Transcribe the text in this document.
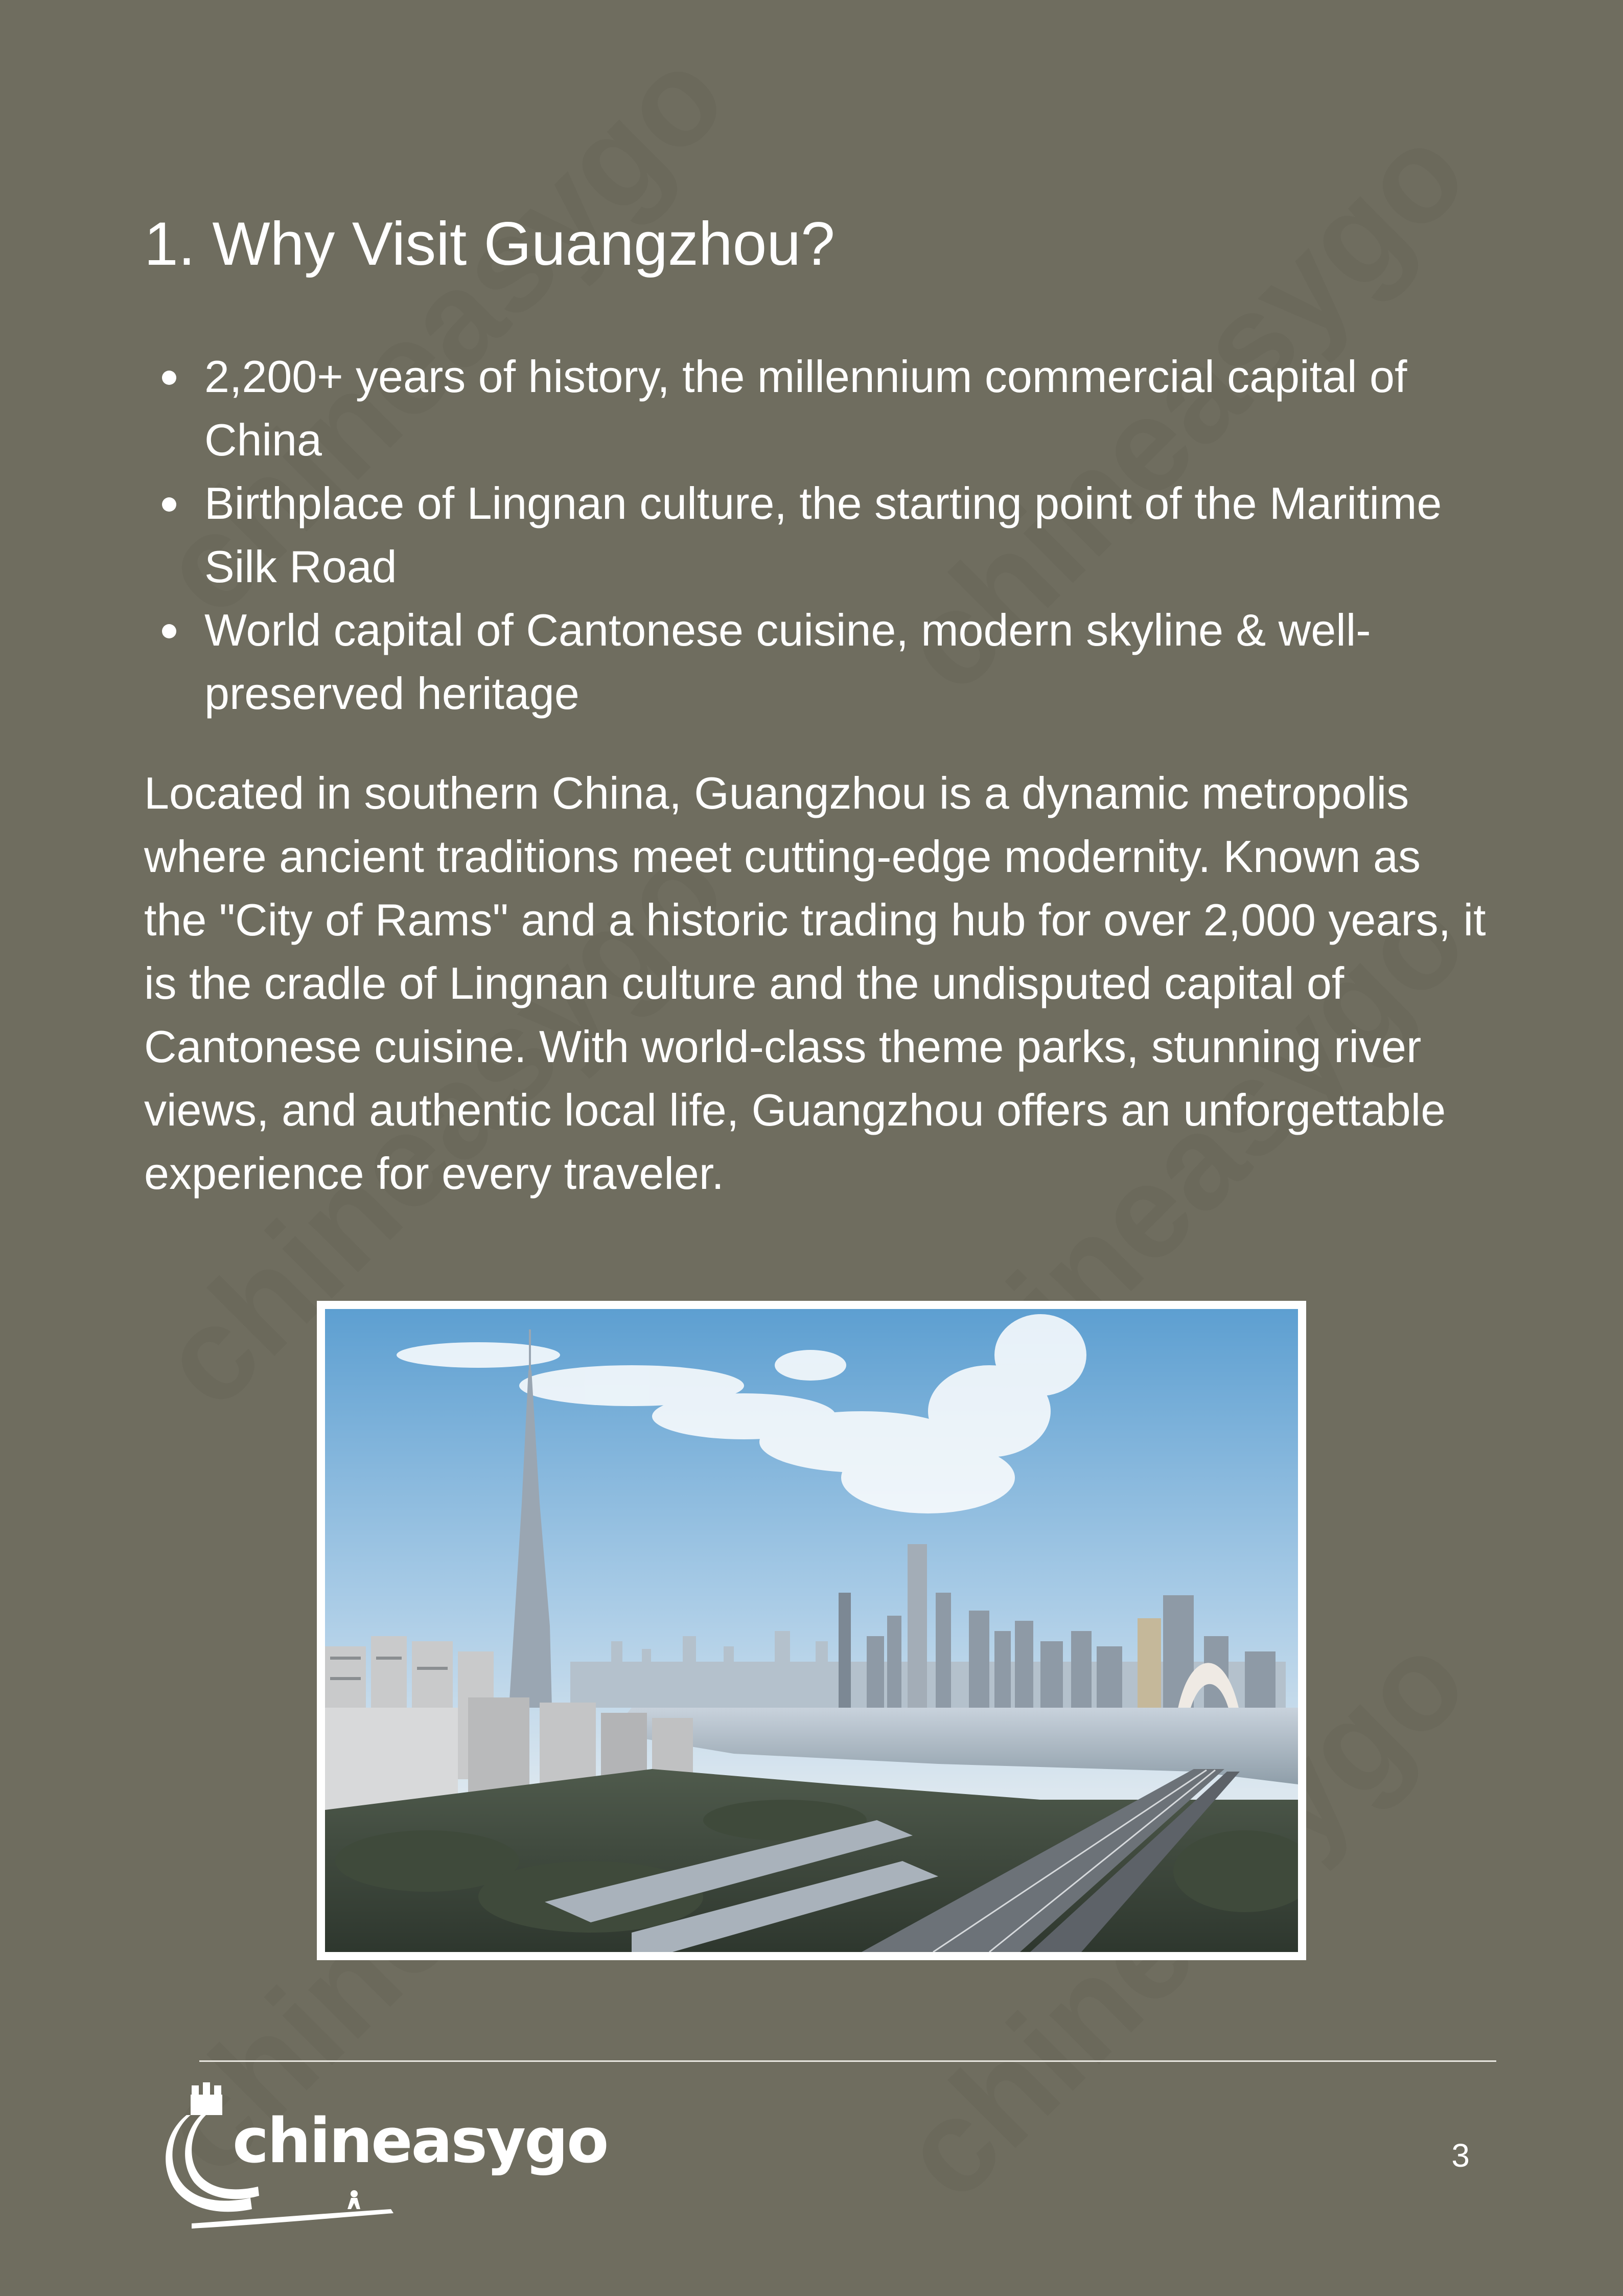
1. Why Visit Guangzhou?
2,200+ years of history, the millennium commercial capital of China
Birthplace of Lingnan culture, the starting point of the Maritime Silk Road
World capital of Cantonese cuisine, modern skyline & well-preserved heritage

Located in southern China, Guangzhou is a dynamic metropolis where ancient traditions meet cutting-edge modernity. Known as the "City of Rams" and a historic trading hub for over 2,000 years, it is the cradle of Lingnan culture and the undisputed capital of Cantonese cuisine. With world-class theme parks, stunning river views, and authentic local life, Guangzhou offers an unforgettable experience for every traveler.

chineasygo	3
